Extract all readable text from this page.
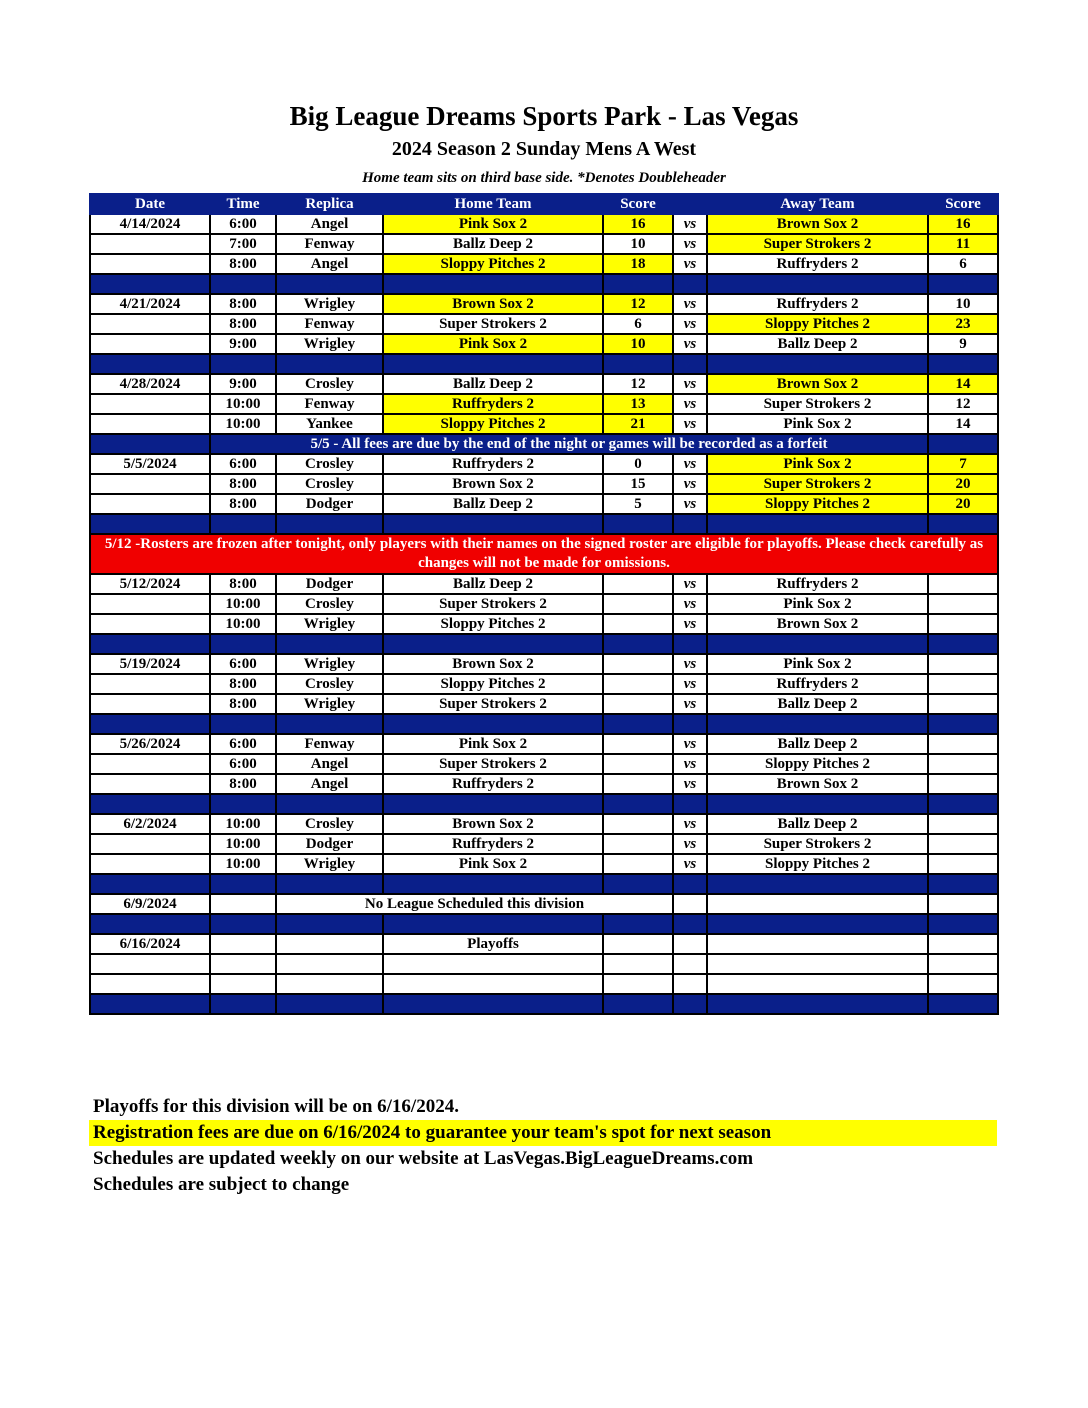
Big League Dreams Sports Park - Las Vegas
2024 Season 2 Sunday Mens A West
Home team sits on third base side. *Denotes Doubleheader
Date	Time	Replica	Home Team	Score		Away Team	Score
4/14/2024	6:00	Angel	Pink Sox 2	16	vs	Brown Sox 2	16
	7:00	Fenway	Ballz Deep 2	10	vs	Super Strokers 2	11
	8:00	Angel	Sloppy Pitches 2	18	vs	Ruffryders 2	6

4/21/2024	8:00	Wrigley	Brown Sox 2	12	vs	Ruffryders 2	10
	8:00	Fenway	Super Strokers 2	6	vs	Sloppy Pitches 2	23
	9:00	Wrigley	Pink Sox 2	10	vs	Ballz Deep 2	9

4/28/2024	9:00	Crosley	Ballz Deep 2	12	vs	Brown Sox 2	14
	10:00	Fenway	Ruffryders 2	13	vs	Super Strokers 2	12
	10:00	Yankee	Sloppy Pitches 2	21	vs	Pink Sox 2	14
	5/5 - All fees are due by the end of the night or games will be recorded as a forfeit						
5/5/2024	6:00	Crosley	Ruffryders 2	0	vs	Pink Sox 2	7
	8:00	Crosley	Brown Sox 2	15	vs	Super Strokers 2	20
	8:00	Dodger	Ballz Deep 2	5	vs	Sloppy Pitches 2	20

5/12 -Rosters are frozen after tonight, only players with their names on the signed roster are eligible for playoffs. Please check carefully as changes will not be made for omissions.							
5/12/2024	8:00	Dodger	Ballz Deep 2		vs	Ruffryders 2	
	10:00	Crosley	Super Strokers 2		vs	Pink Sox 2	
	10:00	Wrigley	Sloppy Pitches 2		vs	Brown Sox 2	

5/19/2024	6:00	Wrigley	Brown Sox 2		vs	Pink Sox 2	
	8:00	Crosley	Sloppy Pitches 2		vs	Ruffryders 2	
	8:00	Wrigley	Super Strokers 2		vs	Ballz Deep 2	

5/26/2024	6:00	Fenway	Pink Sox 2		vs	Ballz Deep 2	
	6:00	Angel	Super Strokers 2		vs	Sloppy Pitches 2	
	8:00	Angel	Ruffryders 2		vs	Brown Sox 2	

6/2/2024	10:00	Crosley	Brown Sox 2		vs	Ballz Deep 2	
	10:00	Dodger	Ruffryders 2		vs	Super Strokers 2	
	10:00	Wrigley	Pink Sox 2		vs	Sloppy Pitches 2	

6/9/2024		No League Scheduled this division					

6/16/2024			Playoffs				

Playoffs for this division will be on 6/16/2024.
Registration fees are due on 6/16/2024 to guarantee your team's spot for next season
Schedules are updated weekly on our website at LasVegas.BigLeagueDreams.com
Schedules are subject to change
